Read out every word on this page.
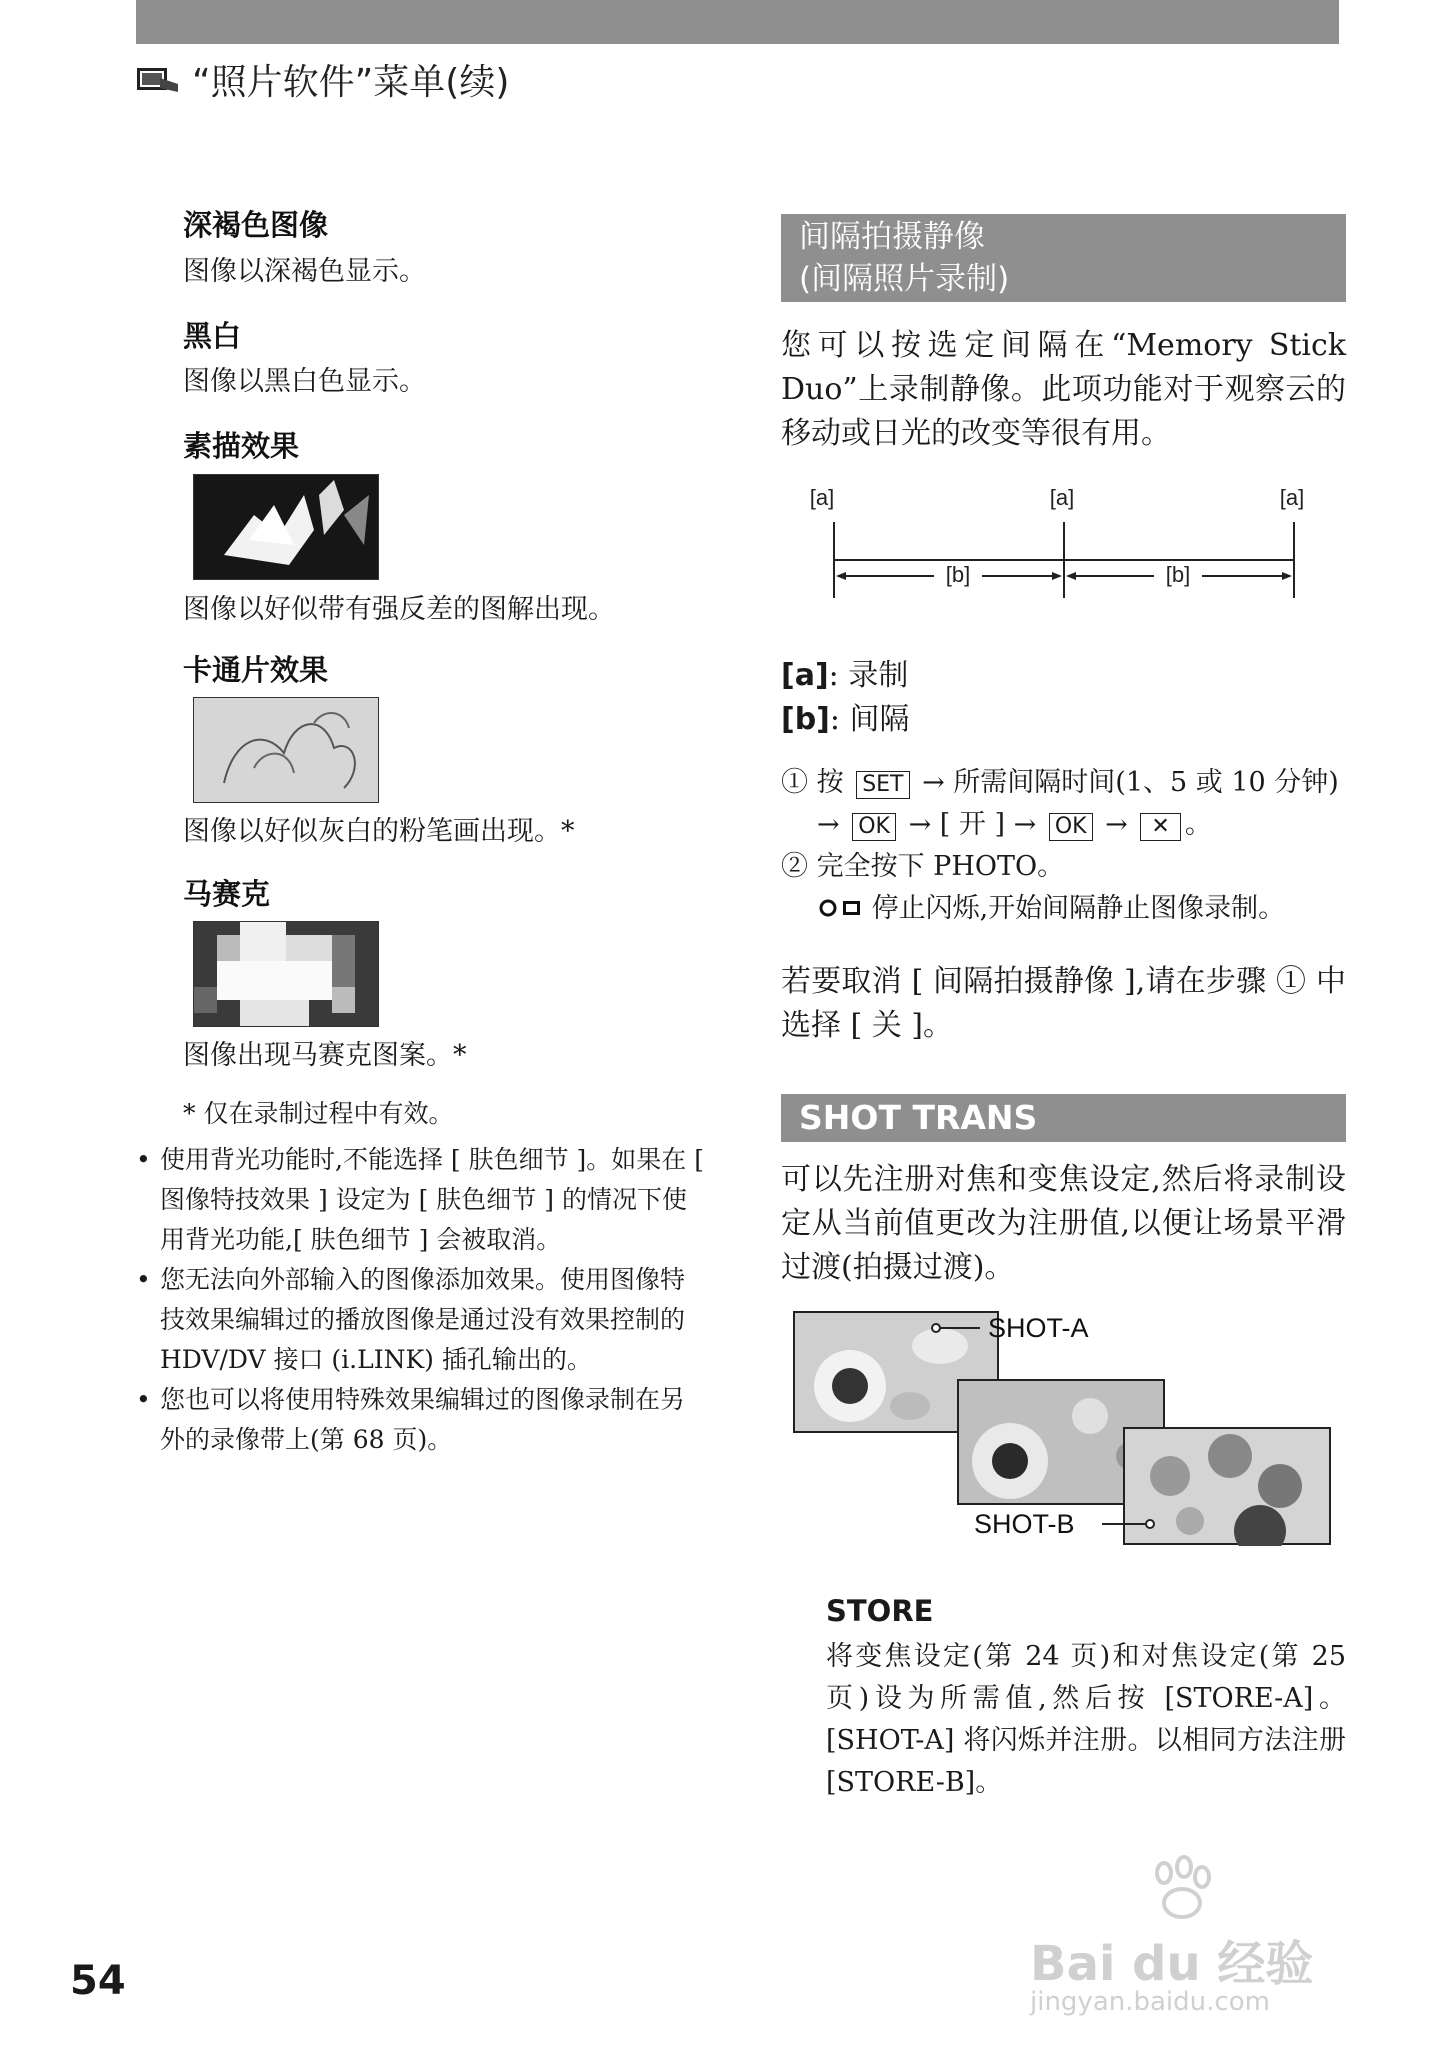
“照片软件”菜单(续)
深褐色图像
图像以深褐色显示。
黑白
图像以黑白色显示。
素描效果
图像以好似带有强反差的图解出现。
卡通片效果
图像以好似灰白的粉笔画出现。*
马赛克
图像出现马赛克图案。*
* 仅在录制过程中有效。
• 使用背光功能时,不能选择 [ 肤色细节 ]。如果在 [ 图像特技效果 ] 设定为 [ 肤色细节 ] 的情况下使用背光功能,[ 肤色细节 ] 会被取消。
• 您无法向外部输入的图像添加效果。使用图像特技效果编辑过的播放图像是通过没有效果控制的 HDV/DV 接口 (i.LINK) 插孔输出的。
• 您也可以将使用特殊效果编辑过的图像录制在另外的录像带上(第 68 页)。
间隔拍摄静像
(间隔照片录制)
您可以按选定间隔在“Memory Stick Duo”上录制静像。此项功能对于观察云的移动或日光的改变等很有用。
[a]	[a]	[a]
[b]	[b]
[a]: 录制
[b]: 间隔
① 按 SET → 所需间隔时间(1、5 或 10 分钟)
→ OK → [ 开 ] → OK → ✕ 。
② 完全按下 PHOTO。
停止闪烁,开始间隔静止图像录制。
若要取消 [ 间隔拍摄静像 ],请在步骤 ① 中选择 [ 关 ]。
SHOT TRANS
可以先注册对焦和变焦设定,然后将录制设定从当前值更改为注册值,以便让场景平滑过渡(拍摄过渡)。
SHOT-A
SHOT-B
STORE
将变焦设定(第 24 页)和对焦设定(第 25 页)设为所需值,然后按 [STORE-A]。[SHOT-A] 将闪烁并注册。以相同方法注册 [STORE-B]。
54	Bai du 经验
jingyan.baidu.com
